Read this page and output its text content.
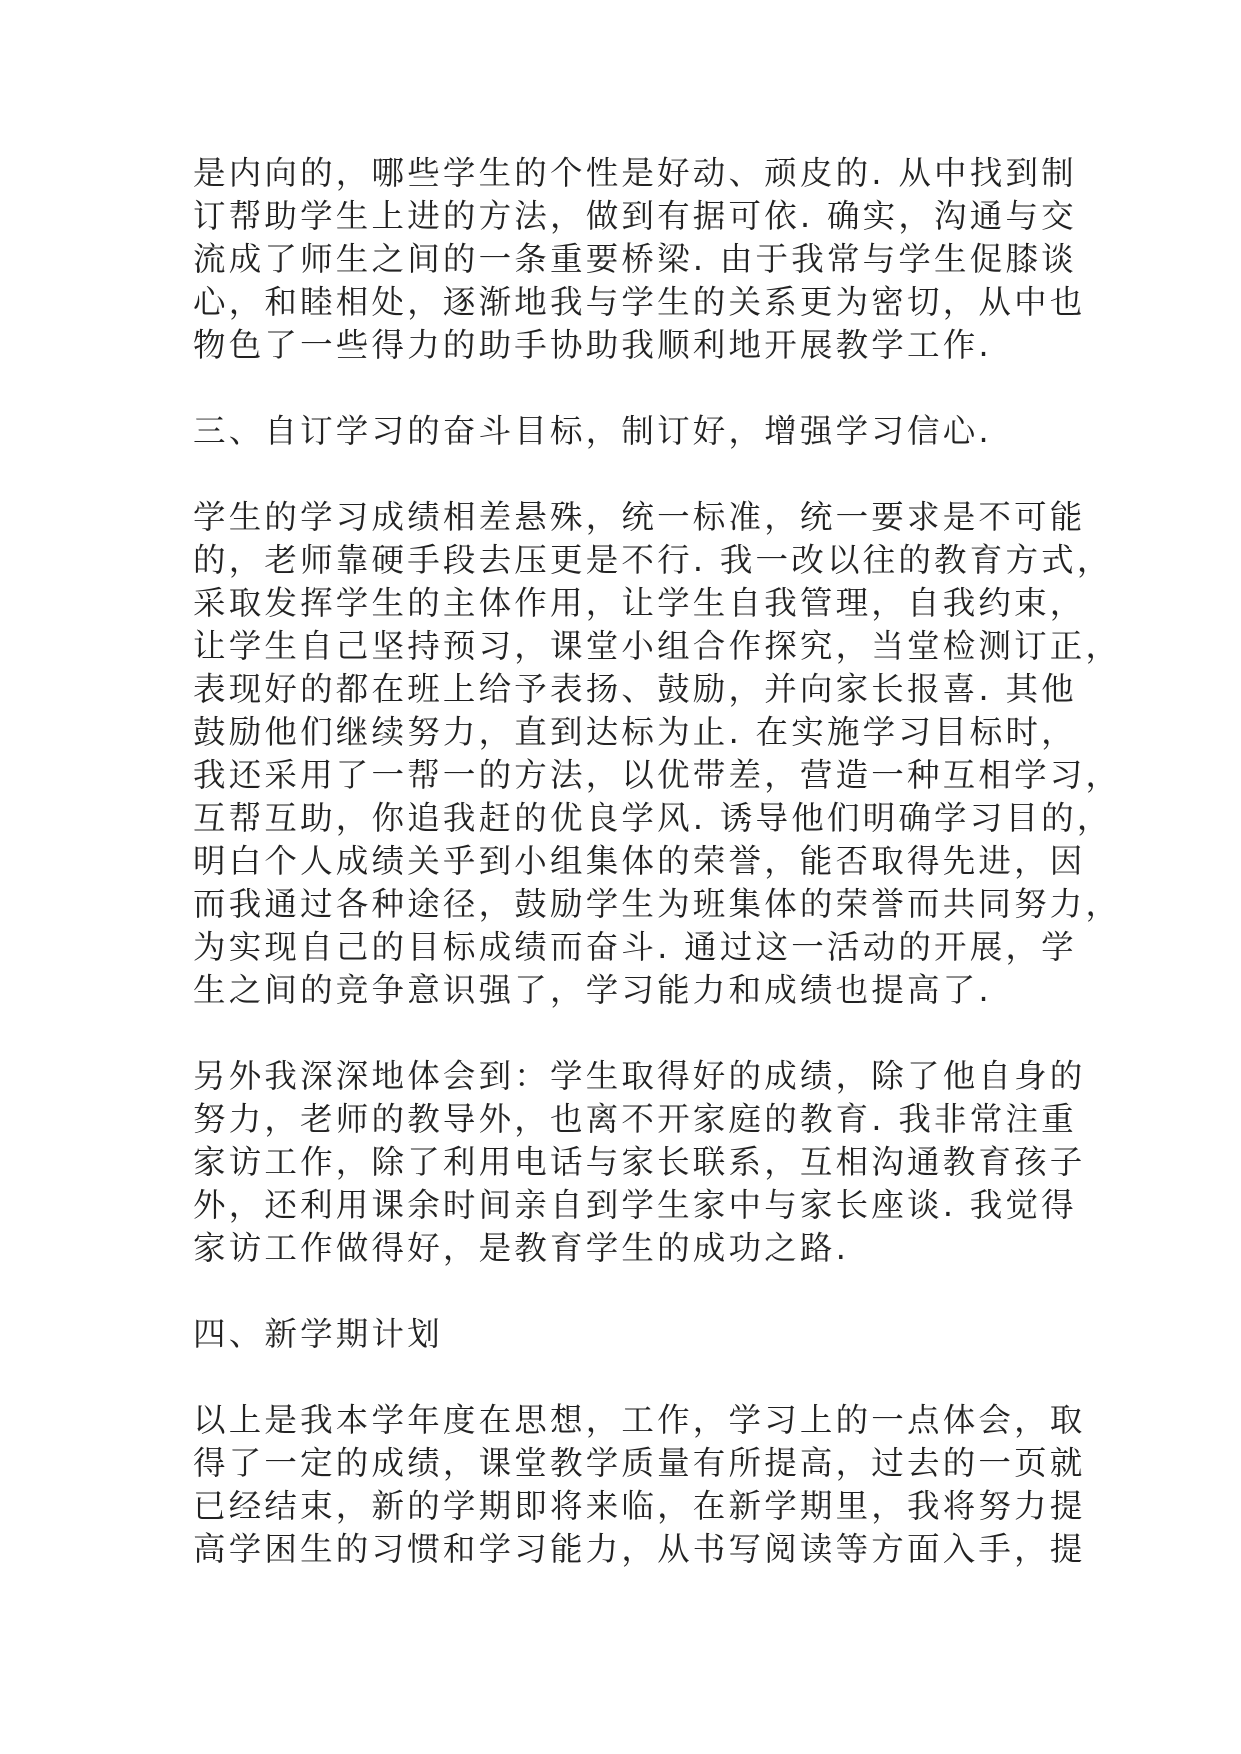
是内向的，哪些学生的个性是好动、顽皮的. 从中找到制
订帮助学生上进的方法，做到有据可依. 确实，沟通与交
流成了师生之间的一条重要桥梁. 由于我常与学生促膝谈
心，和睦相处，逐渐地我与学生的关系更为密切，从中也
物色了一些得力的助手协助我顺利地开展教学工作.
三、自订学习的奋斗目标，制订好，增强学习信心.
学生的学习成绩相差悬殊，统一标准，统一要求是不可能
的，老师靠硬手段去压更是不行. 我一改以往的教育方式，
采取发挥学生的主体作用，让学生自我管理，自我约束，
让学生自己坚持预习，课堂小组合作探究，当堂检测订正，
表现好的都在班上给予表扬、鼓励，并向家长报喜. 其他
鼓励他们继续努力，直到达标为止. 在实施学习目标时，
我还采用了一帮一的方法，以优带差，营造一种互相学习，
互帮互助，你追我赶的优良学风. 诱导他们明确学习目的，
明白个人成绩关乎到小组集体的荣誉，能否取得先进，因
而我通过各种途径，鼓励学生为班集体的荣誉而共同努力，
为实现自己的目标成绩而奋斗. 通过这一活动的开展，学
生之间的竞争意识强了，学习能力和成绩也提高了.
另外我深深地体会到：学生取得好的成绩，除了他自身的
努力，老师的教导外，也离不开家庭的教育. 我非常注重
家访工作，除了利用电话与家长联系，互相沟通教育孩子
外，还利用课余时间亲自到学生家中与家长座谈. 我觉得
家访工作做得好，是教育学生的成功之路.
四、新学期计划
以上是我本学年度在思想，工作，学习上的一点体会，取
得了一定的成绩，课堂教学质量有所提高，过去的一页就
已经结束，新的学期即将来临，在新学期里，我将努力提
高学困生的习惯和学习能力，从书写阅读等方面入手，提
